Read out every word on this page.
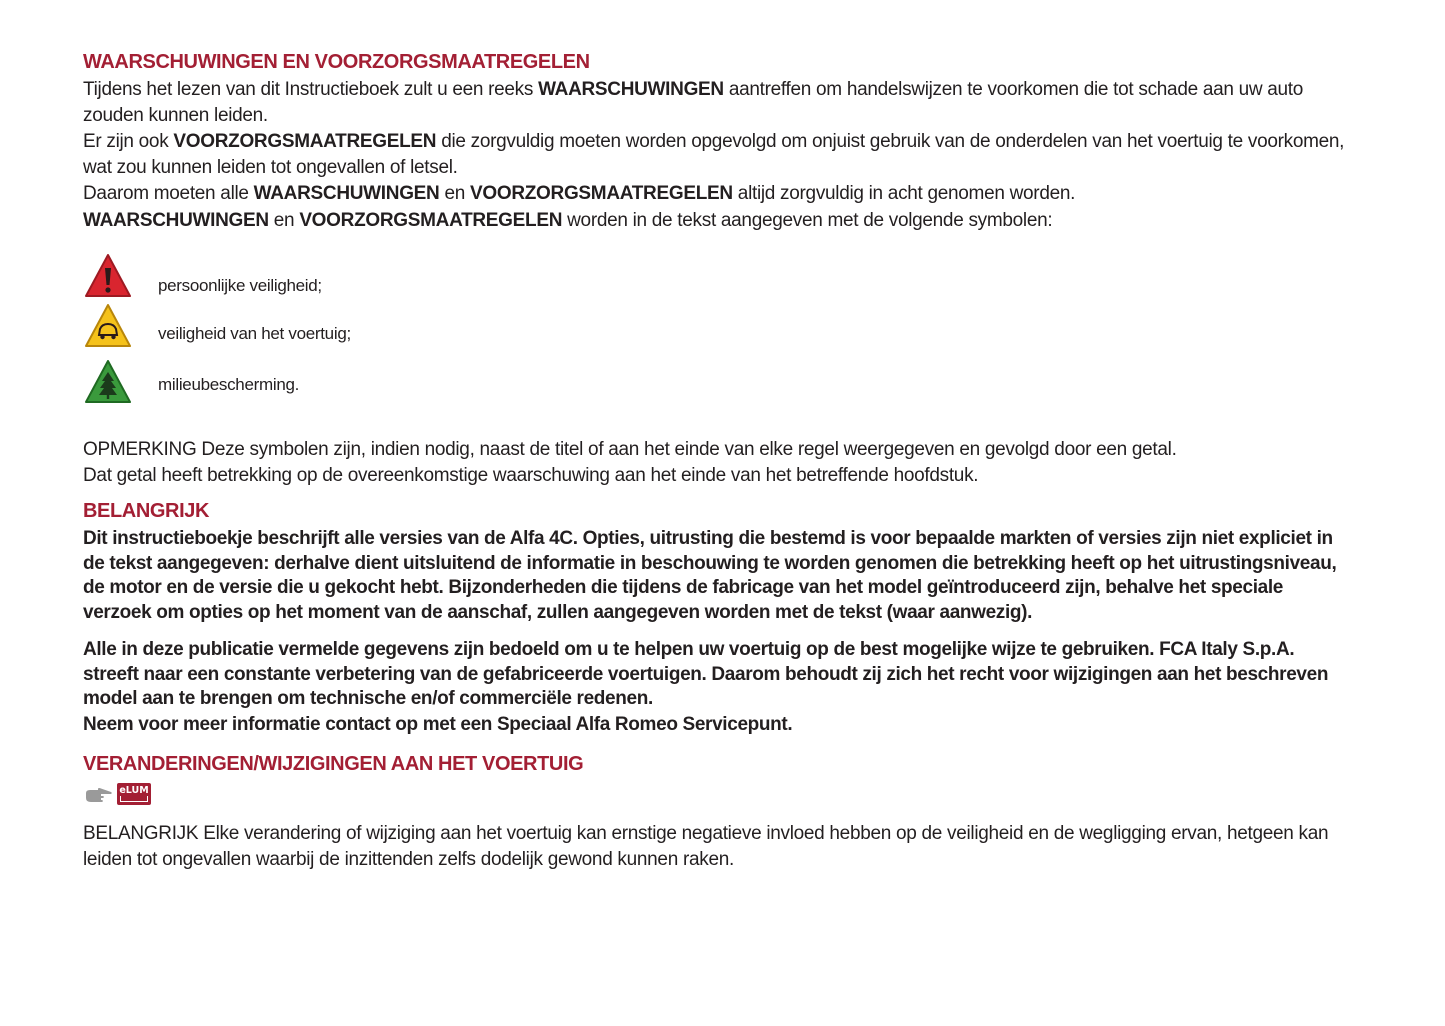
WAARSCHUWINGEN EN VOORZORGSMAATREGELEN

Tijdens het lezen van dit Instructieboek zult u een reeks WAARSCHUWINGEN aantreffen om handelswijzen te voorkomen die tot schade aan uw auto zouden kunnen leiden.

Er zijn ook VOORZORGSMAATREGELEN die zorgvuldig moeten worden opgevolgd om onjuist gebruik van de onderdelen van het voertuig te voorkomen, wat zou kunnen leiden tot ongevallen of letsel.

Daarom moeten alle WAARSCHUWINGEN en VOORZORGSMAATREGELEN altijd zorgvuldig in acht genomen worden.

WAARSCHUWINGEN en VOORZORGSMAATREGELEN worden in de tekst aangegeven met de volgende symbolen:

persoonlijke veiligheid;
veiligheid van het voertuig;
milieubescherming.

OPMERKING Deze symbolen zijn, indien nodig, naast de titel of aan het einde van elke regel weergegeven en gevolgd door een getal.
Dat getal heeft betrekking op de overeenkomstige waarschuwing aan het einde van het betreffende hoofdstuk.

BELANGRIJK

Dit instructieboekje beschrijft alle versies van de Alfa 4C. Opties, uitrusting die bestemd is voor bepaalde markten of versies zijn niet expliciet in de tekst aangegeven: derhalve dient uitsluitend de informatie in beschouwing te worden genomen die betrekking heeft op het uitrustingsniveau, de motor en de versie die u gekocht hebt. Bijzonderheden die tijdens de fabricage van het model geïntroduceerd zijn, behalve het speciale verzoek om opties op het moment van de aanschaf, zullen aangegeven worden met de tekst (waar aanwezig).

Alle in deze publicatie vermelde gegevens zijn bedoeld om u te helpen uw voertuig op de best mogelijke wijze te gebruiken. FCA Italy S.p.A. streeft naar een constante verbetering van de gefabriceerde voertuigen. Daarom behoudt zij zich het recht voor wijzigingen aan het beschreven model aan te brengen om technische en/of commerciële redenen.

Neem voor meer informatie contact op met een Speciaal Alfa Romeo Servicepunt.

VERANDERINGEN/WIJZIGINGEN AAN HET VOERTUIG
eLUM

BELANGRIJK Elke verandering of wijziging aan het voertuig kan ernstige negatieve invloed hebben op de veiligheid en de wegligging ervan, hetgeen kan leiden tot ongevallen waarbij de inzittenden zelfs dodelijk gewond kunnen raken.
